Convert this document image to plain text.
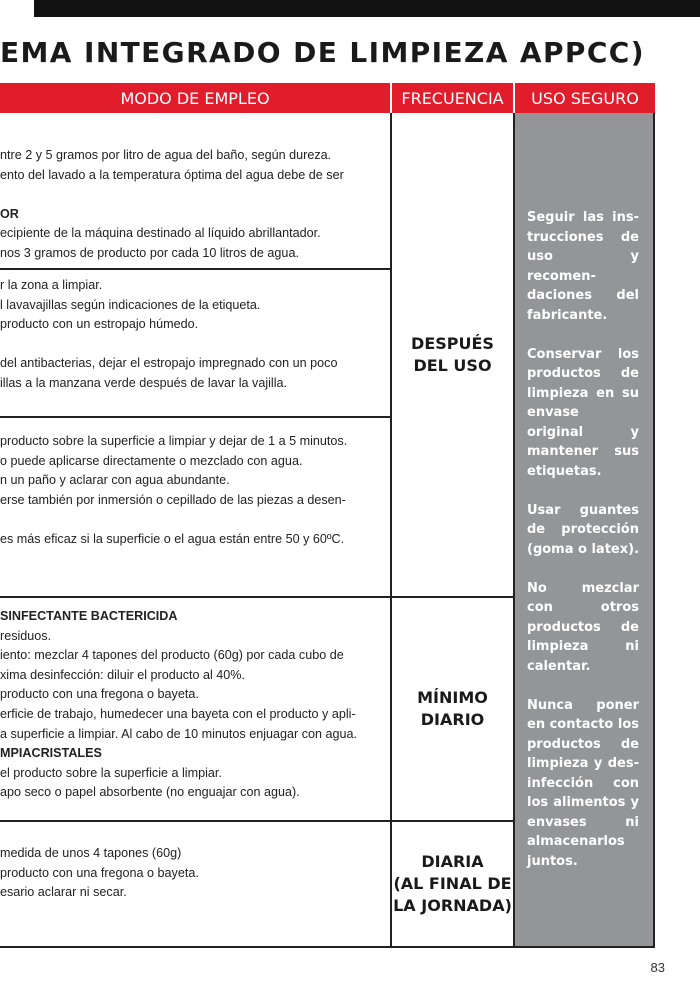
EMA INTEGRADO DE LIMPIEZA APPCC)
MODO DE EMPLEO	FRECUENCIA	USO SEGURO
ntre 2 y 5 gramos por litro de agua del baño, según dureza.
ento del lavado a la temperatura óptima del agua debe de ser
OR
ecipiente de la máquina destinado al líquido abrillantador.
nos 3 gramos de producto por cada 10 litros de agua.
r la zona a limpiar.
l lavavajillas según indicaciones de la etiqueta.
producto con un estropajo húmedo.
del antibacterias, dejar el estropajo impregnado con un poco
illas a la manzana verde después de lavar la vajilla.
producto sobre la superficie a limpiar y dejar de 1 a 5 minutos.
o puede aplicarse directamente o mezclado con agua.
n un paño y aclarar con agua abundante.
erse también por inmersión o cepillado de las piezas a desen-
es más eficaz si la superficie o el agua están entre 50 y 60ºC.
SINFECTANTE BACTERICIDA
residuos.
iento: mezclar 4 tapones del producto (60g) por cada cubo de
xima desinfección: diluir el producto al 40%.
producto con una fregona o bayeta.
erficie de trabajo, humedecer una bayeta con el producto y apli-
a superficie a limpiar. Al cabo de 10 minutos enjuagar con agua.
MPIACRISTALES
el producto sobre la superficie a limpiar.
apo seco o papel absorbente (no enguajar con agua).
medida de unos 4 tapones (60g)
producto con una fregona o bayeta.
esario aclarar ni secar.
DESPUÉS
DEL USO
MÍNIMO
DIARIO
DIARIA
(AL FINAL DE
LA JORNADA)
Seguir las instrucciones de uso y recomendaciones del fabricante.
Conservar los productos de limpieza en su envase original y mantener sus etiquetas.
Usar guantes de protección (goma o latex).
No mezclar con otros productos de limpieza ni calentar.
Nunca poner en contacto los productos de limpieza y desinfección con los alimentos y envases ni almacenarlos juntos.
83
